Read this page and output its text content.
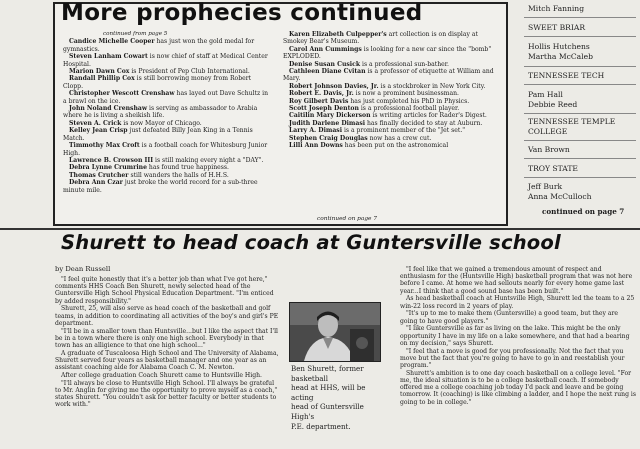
More prophecies continued

continued from page 5

Candice Michelle Cooper has just won the gold medal for gymnastics.

Steven Lanham Cowart is now chief of staff at Medical Center Hospital.

Marion Dawn Cox is President of Pep Club International.

Randall Phillip Cox is still borrowing money from Robert Clopp.

Christopher Wescott Crenshaw has layed out Dave Schultz in a brawl on the ice.

John Noland Crenshaw is serving as ambassador to Arabia where he is living a sheikish life.

Steven A. Crick is now Mayor of Chicago.

Kelley Jean Crisp just defeated Billy Jean King in a Tennis Match.

Timmothy Max Croft is a football coach for Whitesburg Junior High.

Lawrence B. Crowson III is still making every night a "DAY".

Debra Lynne Crumrine has found true happiness.

Thomas Crutcher still wanders the halls of H.H.S.

Debra Ann Czar just broke the world record for a sub-three minute mile.

Karen Elizabeth Culpepper's art collection is on display at Smokey Bear's Museum.

Carol Ann Cummings is looking for a new car since the "bomb" EXPLODED.

Denise Susan Cusick is a professional sun-bather.

Cathleen Diane Cvitan is a professor of etiquette at William and Mary.

Robert Johnson Davies, Jr. is a stockbroker in New York City.

Robert E. Davis, Jr. is now a prominent businessman.

Roy Gilbert Davis has just completed his PhD in Physics.

Scott Joseph Denton is a professional football player.

Caitilin Mary Dickerson is writing articles for Rader's Digest.

Judith Darlene Dimasi has finally decided to stay at Auburn.

Larry A. Dimasi is a prominent member of the "Jet set."

Stephen Craig Douglas now has a crew cut.

Lilli Ann Downs has been put on the astronomical

continued on page 7
Mitch Fanning
SWEET BRIAR
Hollis Hutchens
Martha McCaleb
TENNESSEE TECH
Pam Hall
Debbie Reed
TENNESSEE TEMPLE
COLLEGE
Van Brown
TROY STATE
Jeff Burk
Anna McCulloch
continued on page 7
Shurett to head coach at Guntersville school
by Dean Russell

"I feel quite honestly that it's a better job than what I've got here," comments HHS Coach Ben Shurett, newly selected head of the Guntersville High School Physical Education Department. "I'm enticed by added responsibility."

Shurett, 25, will also serve as head coach of the basketball and golf teams, in addition to coordinating all activities of the boy's and girl's PE department.

"I'll be in a smaller town than Huntsville...but I like the aspect that I'll be in a town where there is only one high school. Everybody in that town has an alligience to that one high school..."

A graduate of Tuscaloosa High School and The University of Alabama, Shurett served four years as basketball manager and one year as an assistant coaching aide for Alabama Coach C. M. Newton.

After college graduation Coach Shurett came to Huntsville High.

"I'll always be close to Huntsville High School. I'll always be grateful to Mr. Anglin for giving me the opportunity to prove myself as a coach," states Shurett. "You couldn't ask for better faculty or better students to work with."

Ben Shurett, former basketball
head at HHS, will be acting
head of Guntersville High's
P.E. department.

"I feel like that we gained a tremendous amount of respect and enthusiasm for the (Huntsville High) basketball program that was not here before I came. At home we had sellouts nearly for every home game last year...I think that a good sound base has been built."

As head basketball coach at Huntsville High, Shurett led the team to a 25 win-22 loss record in 2 years of play.

"It's up to me to make them (Guntersville) a good team, but they are going to have good players."

"I like Guntersville as far as living on the lake. This might be the only opportunity I have in my life on a lake somewhere, and that had a bearing on my decision," says Shurett.

"I feel that a move is good for you professionally. Not the fact that you move but the fact that you're going to have to go in and reestablish your program."

Shurett's ambition is to one day coach basketball on a college level. "For me, the ideal situation is to be a college basketball coach. If somebody offered me a college coaching job today I'd pack and leave and be going tomorrow. It (coaching) is like climbing a ladder, and I hope the next rung is going to be in college."
